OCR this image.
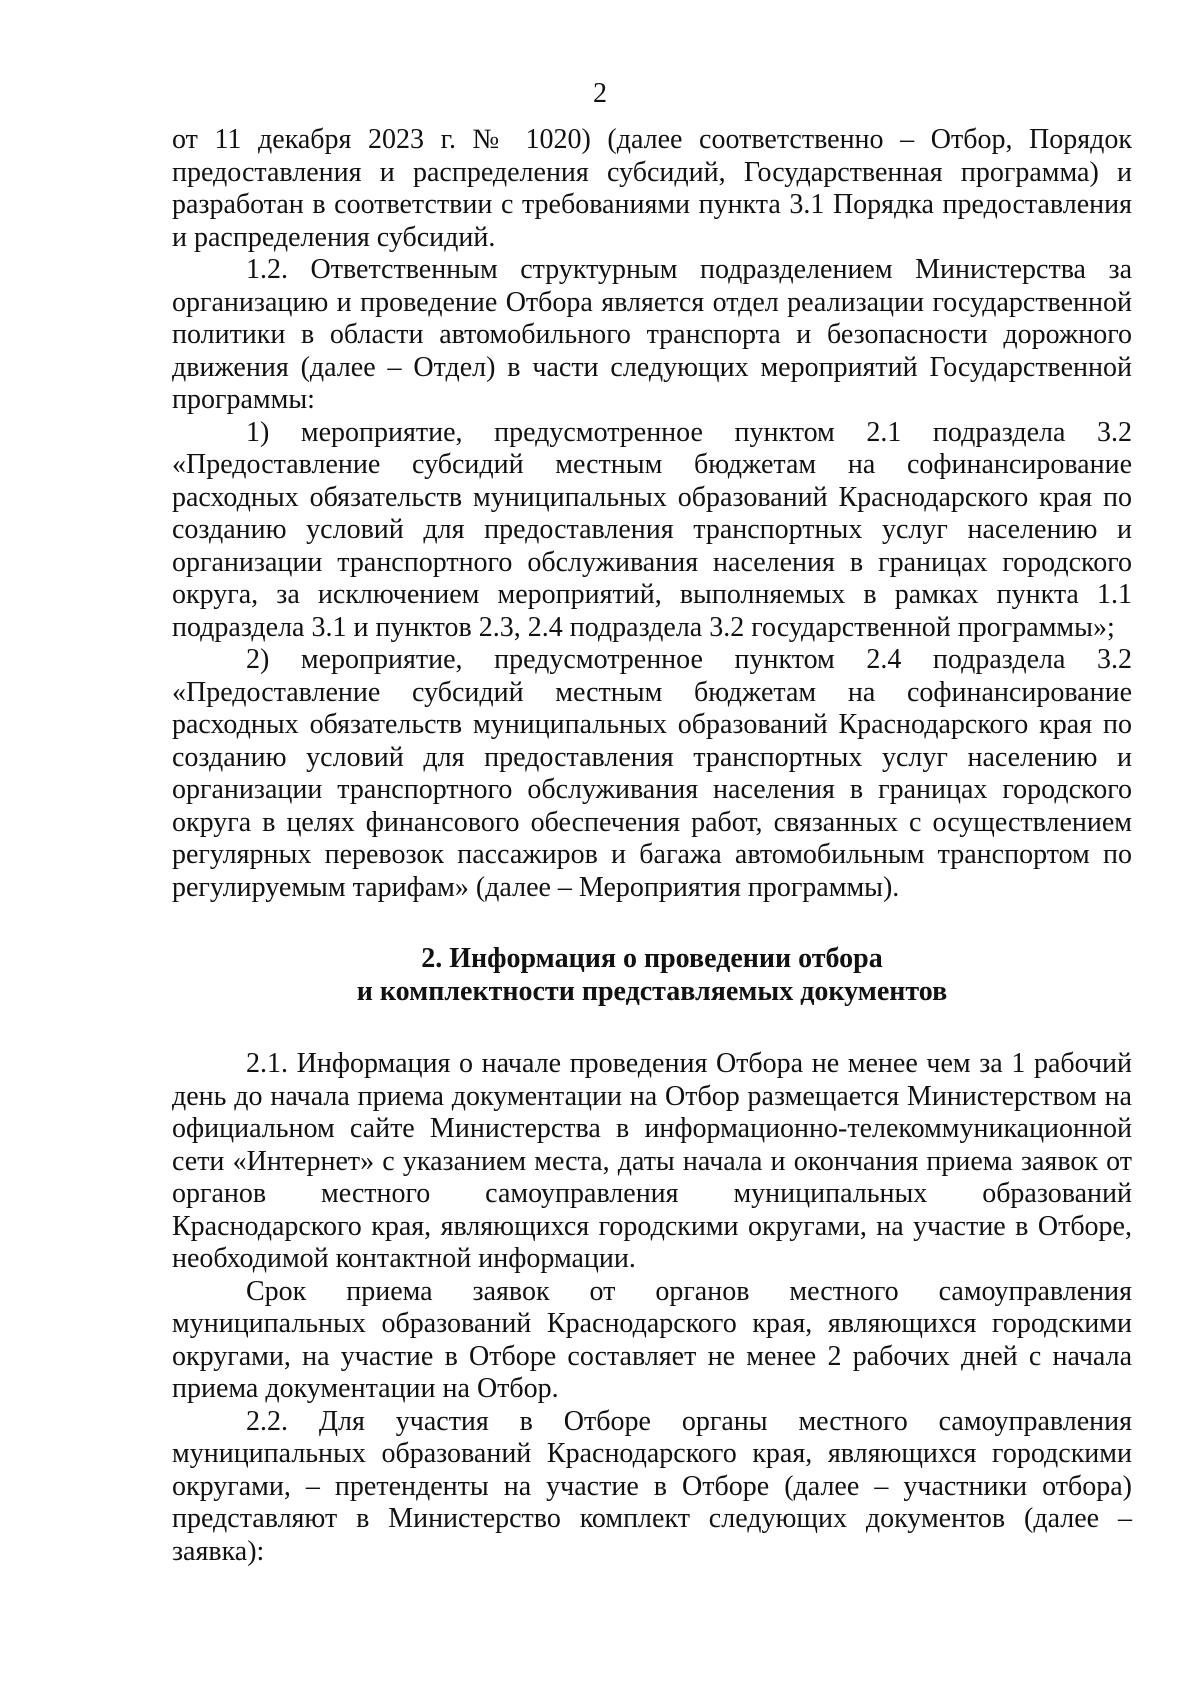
2

от 11 декабря 2023 г. № 1020) (далее соответственно – Отбор, Порядок предоставления и распределения субсидий, Государственная программа) и разработан в соответствии с требованиями пункта 3.1 Порядка предоставления и распределения субсидий.

1.2. Ответственным структурным подразделением Министерства за организацию и проведение Отбора является отдел реализации государственной политики в области автомобильного транспорта и безопасности дорожного движения (далее – Отдел) в части следующих мероприятий Государственной программы:

1) мероприятие, предусмотренное пунктом 2.1 подраздела 3.2 «Предоставление субсидий местным бюджетам на софинансирование расходных обязательств муниципальных образований Краснодарского края по созданию условий для предоставления транспортных услуг населению и организации транспортного обслуживания населения в границах городского округа, за исключением мероприятий, выполняемых в рамках пункта 1.1 подраздела 3.1 и пунктов 2.3, 2.4 подраздела 3.2 государственной программы»;

2) мероприятие, предусмотренное пунктом 2.4 подраздела 3.2 «Предоставление субсидий местным бюджетам на софинансирование расходных обязательств муниципальных образований Краснодарского края по созданию условий для предоставления транспортных услуг населению и организации транспортного обслуживания населения в границах городского округа в целях финансового обеспечения работ, связанных с осуществлением регулярных перевозок пассажиров и багажа автомобильным транспортом по регулируемым тарифам» (далее – Мероприятия программы).

2. Информация о проведении отбора
и комплектности представляемых документов

2.1. Информация о начале проведения Отбора не менее чем за 1 рабочий день до начала приема документации на Отбор размещается Министерством на официальном сайте Министерства в информационно-телекоммуникационной сети «Интернет» с указанием места, даты начала и окончания приема заявок от органов местного самоуправления муниципальных образований Краснодарского края, являющихся городскими округами, на участие в Отборе, необходимой контактной информации.

Срок приема заявок от органов местного самоуправления муниципальных образований Краснодарского края, являющихся городскими округами, на участие в Отборе составляет не менее 2 рабочих дней с начала приема документации на Отбор.

2.2. Для участия в Отборе органы местного самоуправления муниципальных образований Краснодарского края, являющихся городскими округами, – претенденты на участие в Отборе (далее – участники отбора) представляют в Министерство комплект следующих документов (далее – заявка):
